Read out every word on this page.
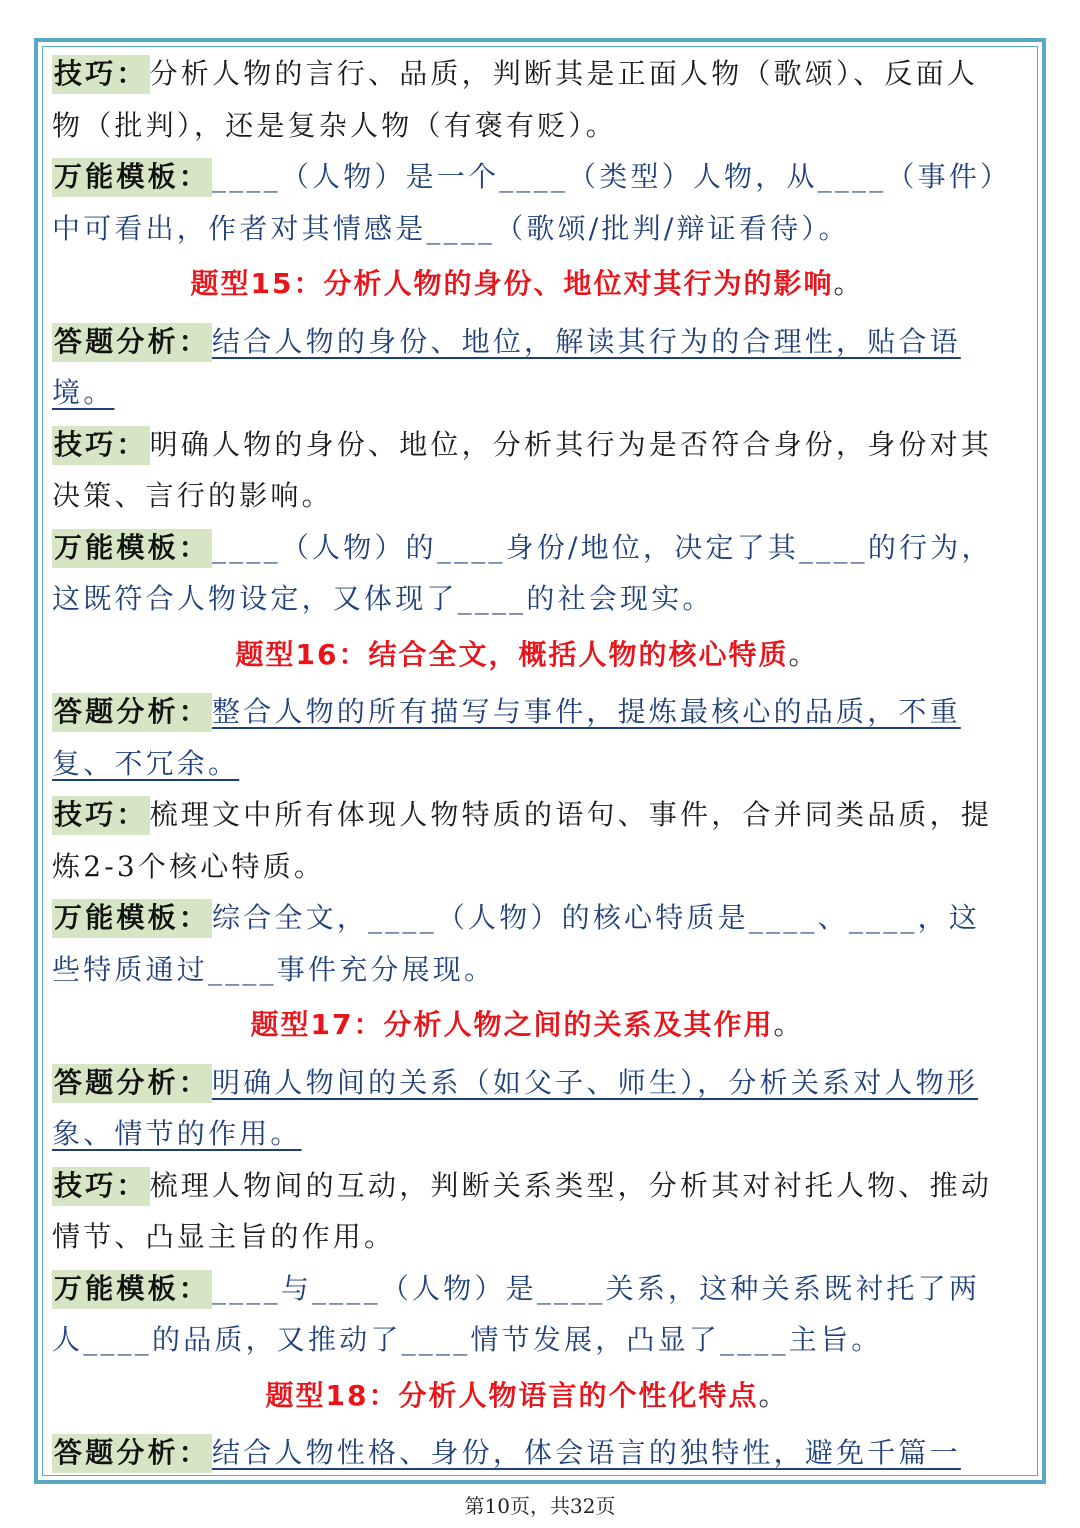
技巧：分析人物的言行、品质，判断其是正面人物（歌颂）、反面人物（批判），还是复杂人物（有褒有贬）。

万能模板：____（人物）是一个____（类型）人物，从____（事件）中可看出，作者对其情感是____（歌颂/批判/辩证看待）。

题型15：分析人物的身份、地位对其行为的影响。

答题分析：结合人物的身份、地位，解读其行为的合理性，贴合语境。

技巧：明确人物的身份、地位，分析其行为是否符合身份，身份对其决策、言行的影响。

万能模板：____（人物）的____身份/地位，决定了其____的行为，这既符合人物设定，又体现了____的社会现实。

题型16：结合全文，概括人物的核心特质。

答题分析：整合人物的所有描写与事件，提炼最核心的品质，不重复、不冗余。

技巧：梳理文中所有体现人物特质的语句、事件，合并同类品质，提炼2-3个核心特质。

万能模板：综合全文，____（人物）的核心特质是____、____，这些特质通过____事件充分展现。

题型17：分析人物之间的关系及其作用。

答题分析：明确人物间的关系（如父子、师生），分析关系对人物形象、情节的作用。

技巧：梳理人物间的互动，判断关系类型，分析其对衬托人物、推动情节、凸显主旨的作用。

万能模板：____与____（人物）是____关系，这种关系既衬托了两人____的品质，又推动了____情节发展，凸显了____主旨。

题型18：分析人物语言的个性化特点。

答题分析：结合人物性格、身份，体会语言的独特性，避免千篇一

第10页，共32页
